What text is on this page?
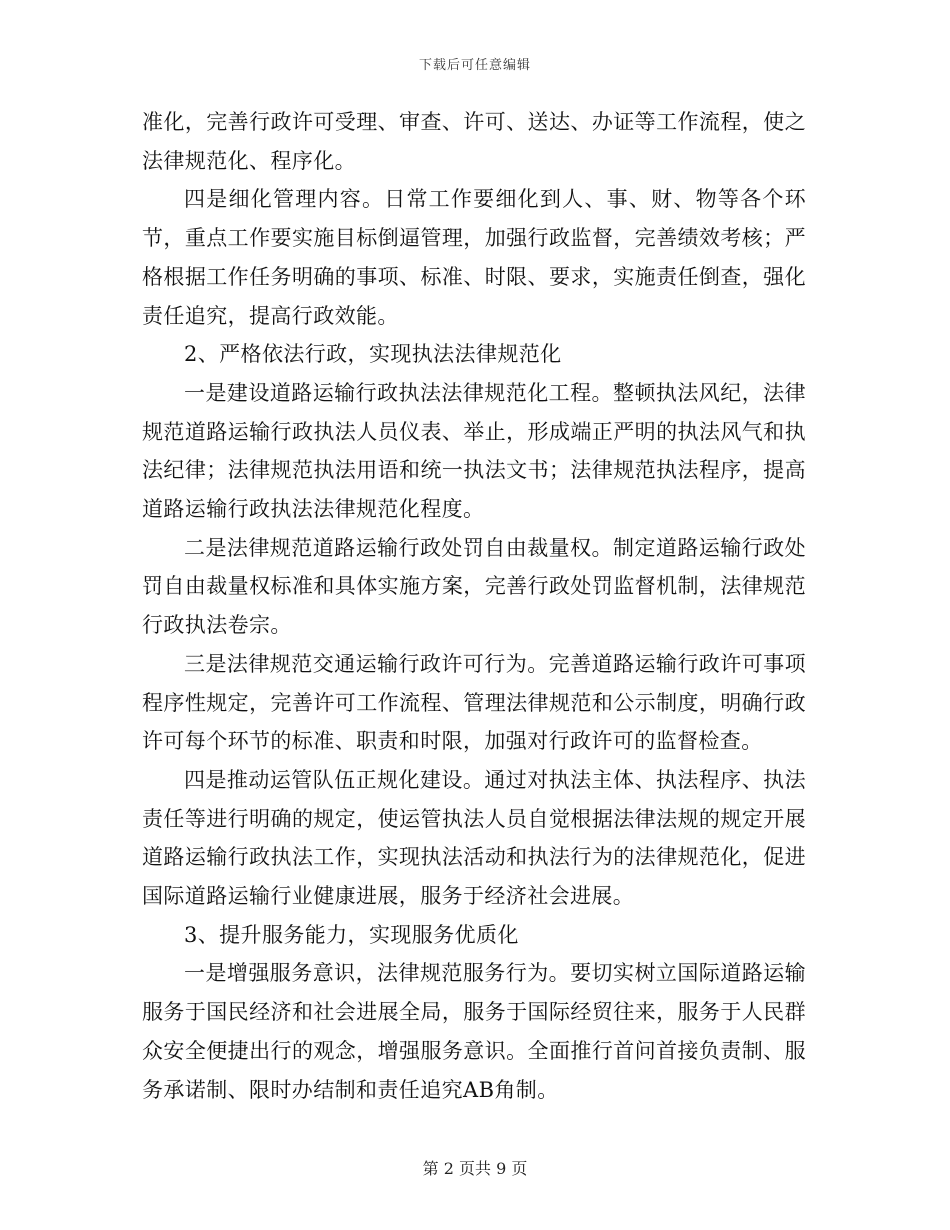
下载后可任意编辑

准化，完善行政许可受理、审查、许可、送达、办证等工作流程，使之法律规范化、程序化。

四是细化管理内容。日常工作要细化到人、事、财、物等各个环节，重点工作要实施目标倒逼管理，加强行政监督，完善绩效考核；严格根据工作任务明确的事项、标准、时限、要求，实施责任倒查，强化责任追究，提高行政效能。

2、严格依法行政，实现执法法律规范化

一是建设道路运输行政执法法律规范化工程。整顿执法风纪，法律规范道路运输行政执法人员仪表、举止，形成端正严明的执法风气和执法纪律；法律规范执法用语和统一执法文书；法律规范执法程序，提高道路运输行政执法法律规范化程度。

二是法律规范道路运输行政处罚自由裁量权。制定道路运输行政处罚自由裁量权标准和具体实施方案，完善行政处罚监督机制，法律规范行政执法卷宗。

三是法律规范交通运输行政许可行为。完善道路运输行政许可事项程序性规定，完善许可工作流程、管理法律规范和公示制度，明确行政许可每个环节的标准、职责和时限，加强对行政许可的监督检查。

四是推动运管队伍正规化建设。通过对执法主体、执法程序、执法责任等进行明确的规定，使运管执法人员自觉根据法律法规的规定开展道路运输行政执法工作，实现执法活动和执法行为的法律规范化，促进国际道路运输行业健康进展，服务于经济社会进展。

3、提升服务能力，实现服务优质化

一是增强服务意识，法律规范服务行为。要切实树立国际道路运输服务于国民经济和社会进展全局，服务于国际经贸往来，服务于人民群众安全便捷出行的观念，增强服务意识。全面推行首问首接负责制、服务承诺制、限时办结制和责任追究AB角制。

第 2 页共 9 页
